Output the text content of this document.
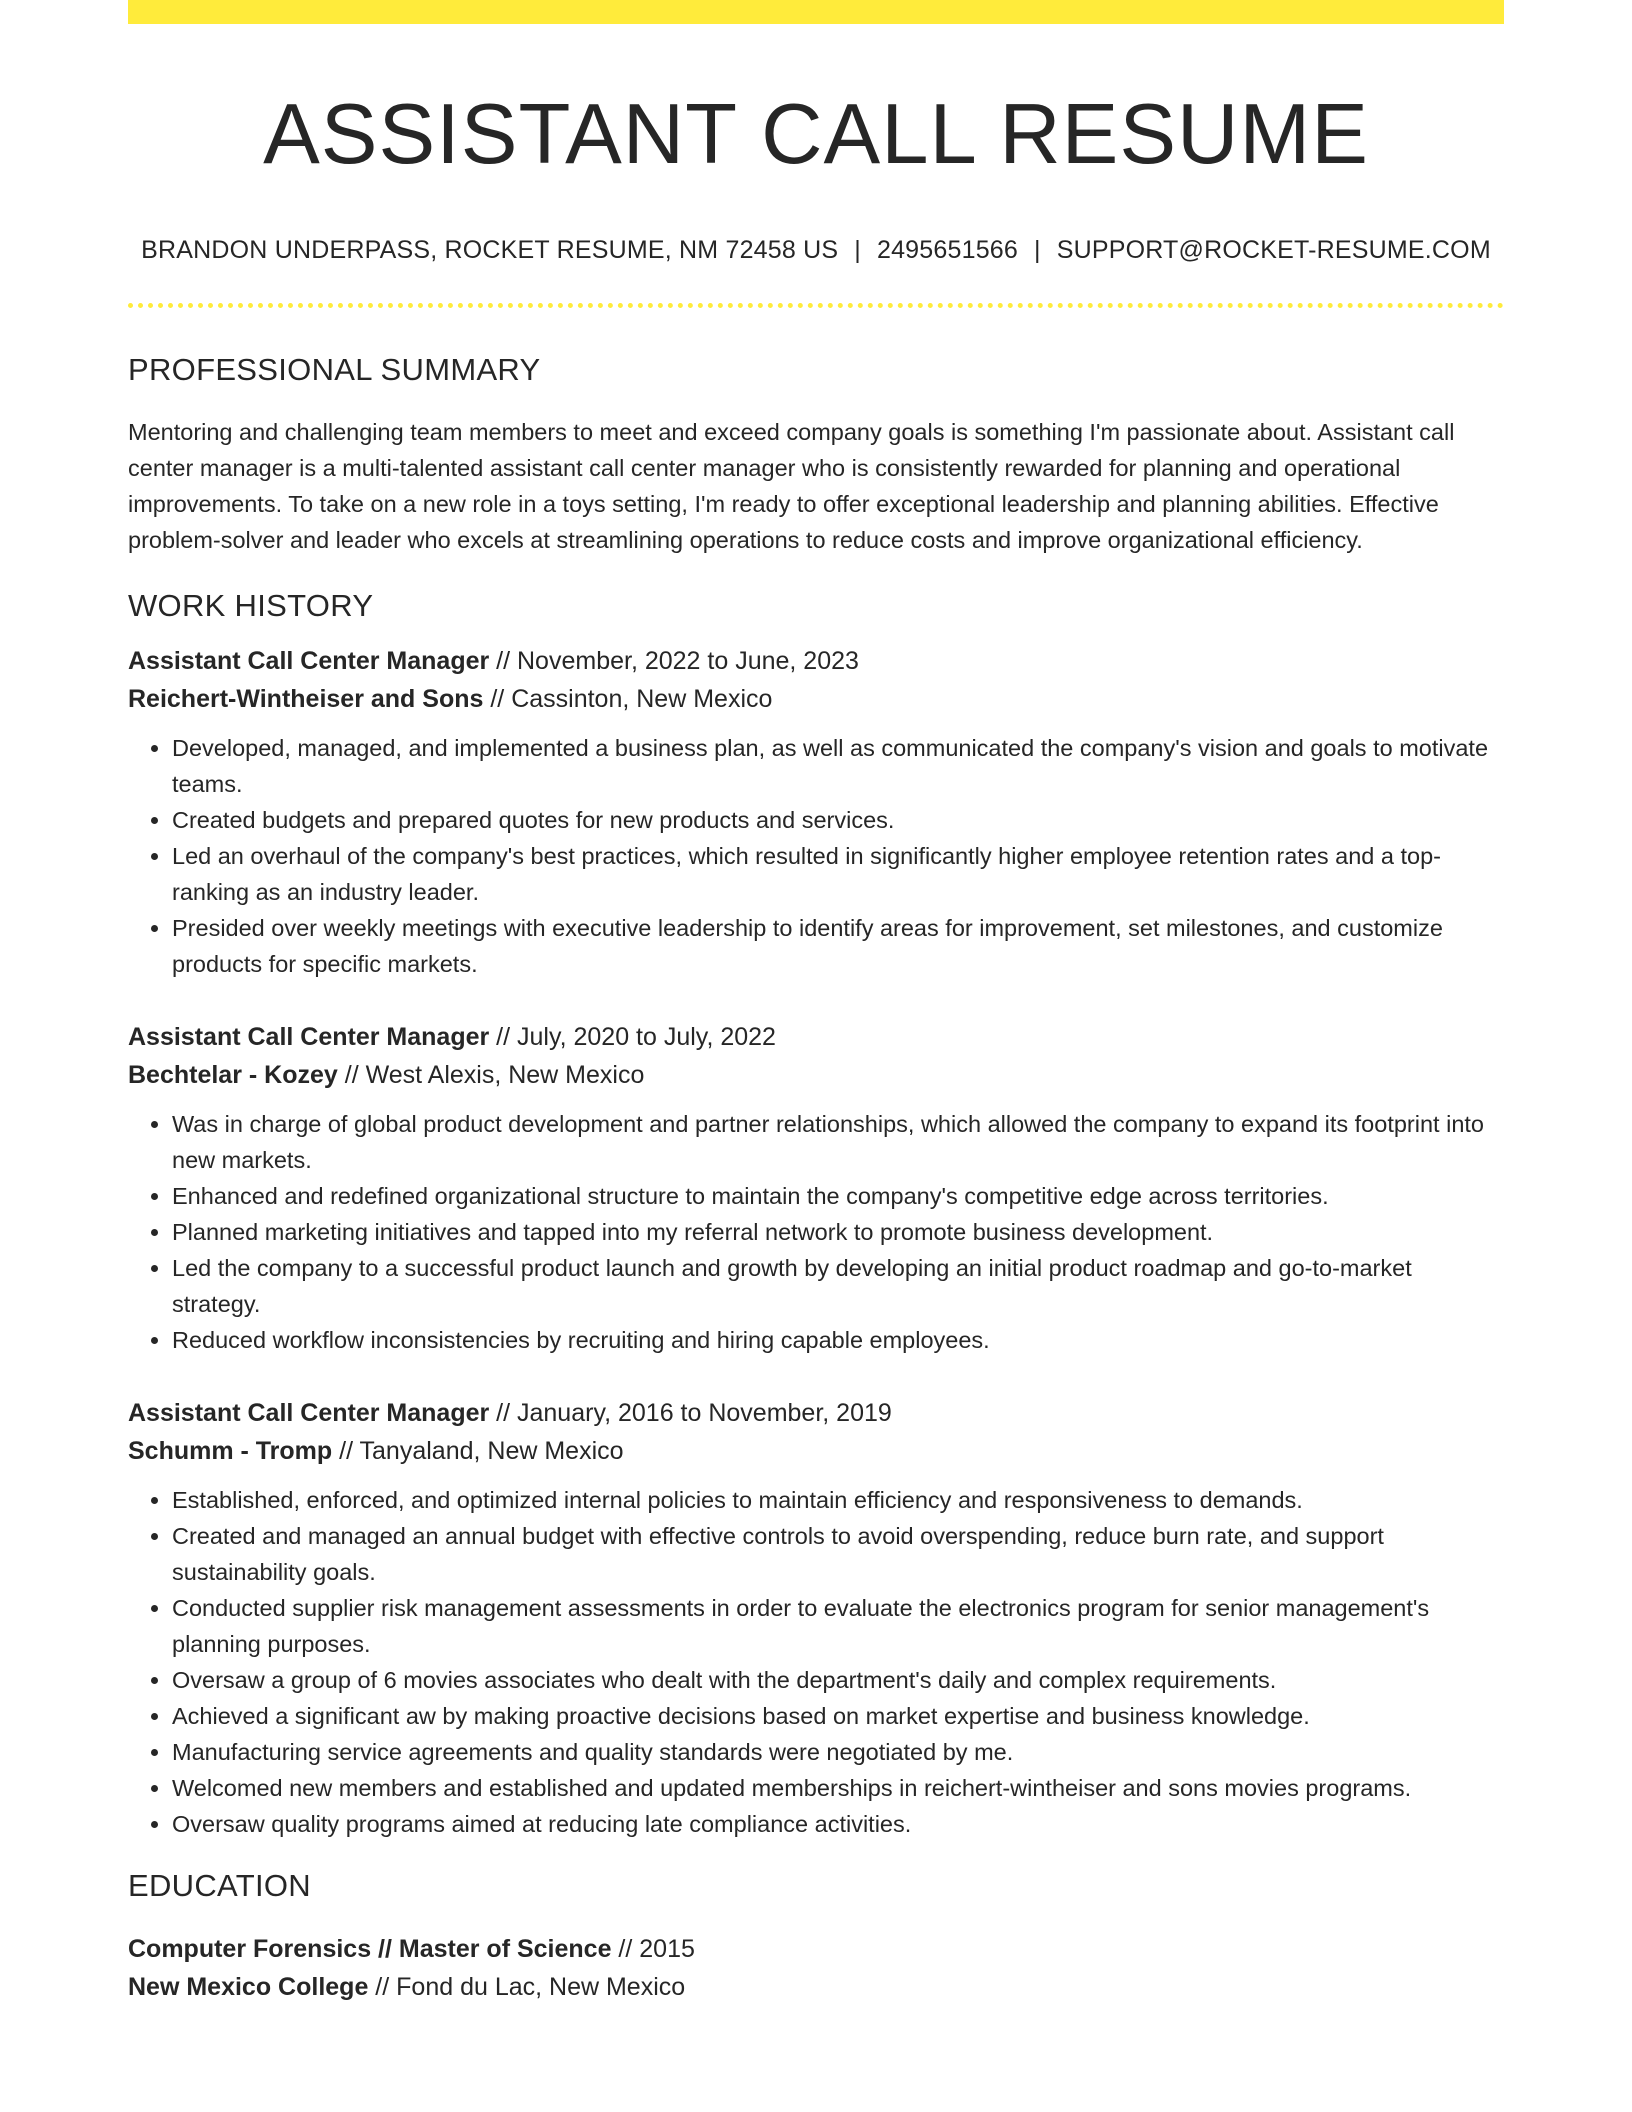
ASSISTANT CALL RESUME
BRANDON UNDERPASS, ROCKET RESUME, NM 72458 US | 2495651566 | SUPPORT@ROCKET-RESUME.COM
PROFESSIONAL SUMMARY

Mentoring and challenging team members to meet and exceed company goals is something I'm passionate about. Assistant call center manager is a multi-talented assistant call center manager who is consistently rewarded for planning and operational improvements. To take on a new role in a toys setting, I'm ready to offer exceptional leadership and planning abilities. Effective problem-solver and leader who excels at streamlining operations to reduce costs and improve organizational efficiency.

WORK HISTORY
Assistant Call Center Manager // November, 2022 to June, 2023
Reichert-Wintheiser and Sons // Cassinton, New Mexico
• Developed, managed, and implemented a business plan, as well as communicated the company's vision and goals to motivate teams.
• Created budgets and prepared quotes for new products and services.
• Led an overhaul of the company's best practices, which resulted in significantly higher employee retention rates and a top-ranking as an industry leader.
• Presided over weekly meetings with executive leadership to identify areas for improvement, set milestones, and customize products for specific markets.
Assistant Call Center Manager // July, 2020 to July, 2022
Bechtelar - Kozey // West Alexis, New Mexico
• Was in charge of global product development and partner relationships, which allowed the company to expand its footprint into new markets.
• Enhanced and redefined organizational structure to maintain the company's competitive edge across territories.
• Planned marketing initiatives and tapped into my referral network to promote business development.
• Led the company to a successful product launch and growth by developing an initial product roadmap and go-to-market strategy.
• Reduced workflow inconsistencies by recruiting and hiring capable employees.
Assistant Call Center Manager // January, 2016 to November, 2019
Schumm - Tromp // Tanyaland, New Mexico
• Established, enforced, and optimized internal policies to maintain efficiency and responsiveness to demands.
• Created and managed an annual budget with effective controls to avoid overspending, reduce burn rate, and support sustainability goals.
• Conducted supplier risk management assessments in order to evaluate the electronics program for senior management's planning purposes.
• Oversaw a group of 6 movies associates who dealt with the department's daily and complex requirements.
• Achieved a significant aw by making proactive decisions based on market expertise and business knowledge.
• Manufacturing service agreements and quality standards were negotiated by me.
• Welcomed new members and established and updated memberships in reichert-wintheiser and sons movies programs.
• Oversaw quality programs aimed at reducing late compliance activities.
EDUCATION
Computer Forensics // Master of Science // 2015
New Mexico College // Fond du Lac, New Mexico
